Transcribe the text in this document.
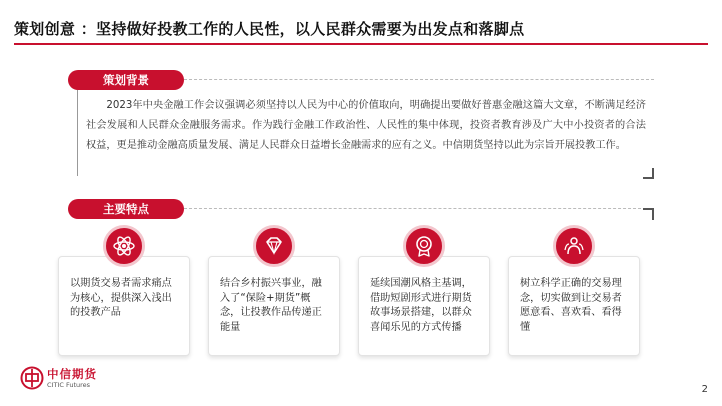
策划创意 ：坚持做好投教工作的人民性，以人民群众需要为出发点和落脚点
策划背景
2023年中央金融工作会议强调必须坚持以人民为中心的价值取向，明确提出要做好普惠金融这篇大文章，不断满足经济社会发展和人民群众金融服务需求。作为践行金融工作政治性、人民性的集中体现，投资者教育涉及广大中小投资者的合法权益，更是推动金融高质量发展、满足人民群众日益增长金融需求的应有之义。中信期货坚持以此为宗旨开展投教工作。
主要特点
以期货交易者需求痛点为核心，提供深入浅出的投教产品
结合乡村振兴事业，融入了“保险+期货”概念，让投教作品传递正能量
延续国潮风格主基调，借助短剧形式进行期货故事场景搭建，以群众喜闻乐见的方式传播
树立科学正确的交易理念，切实做到让交易者愿意看、喜欢看、看得懂
中信期货
CITIC Futures	2
